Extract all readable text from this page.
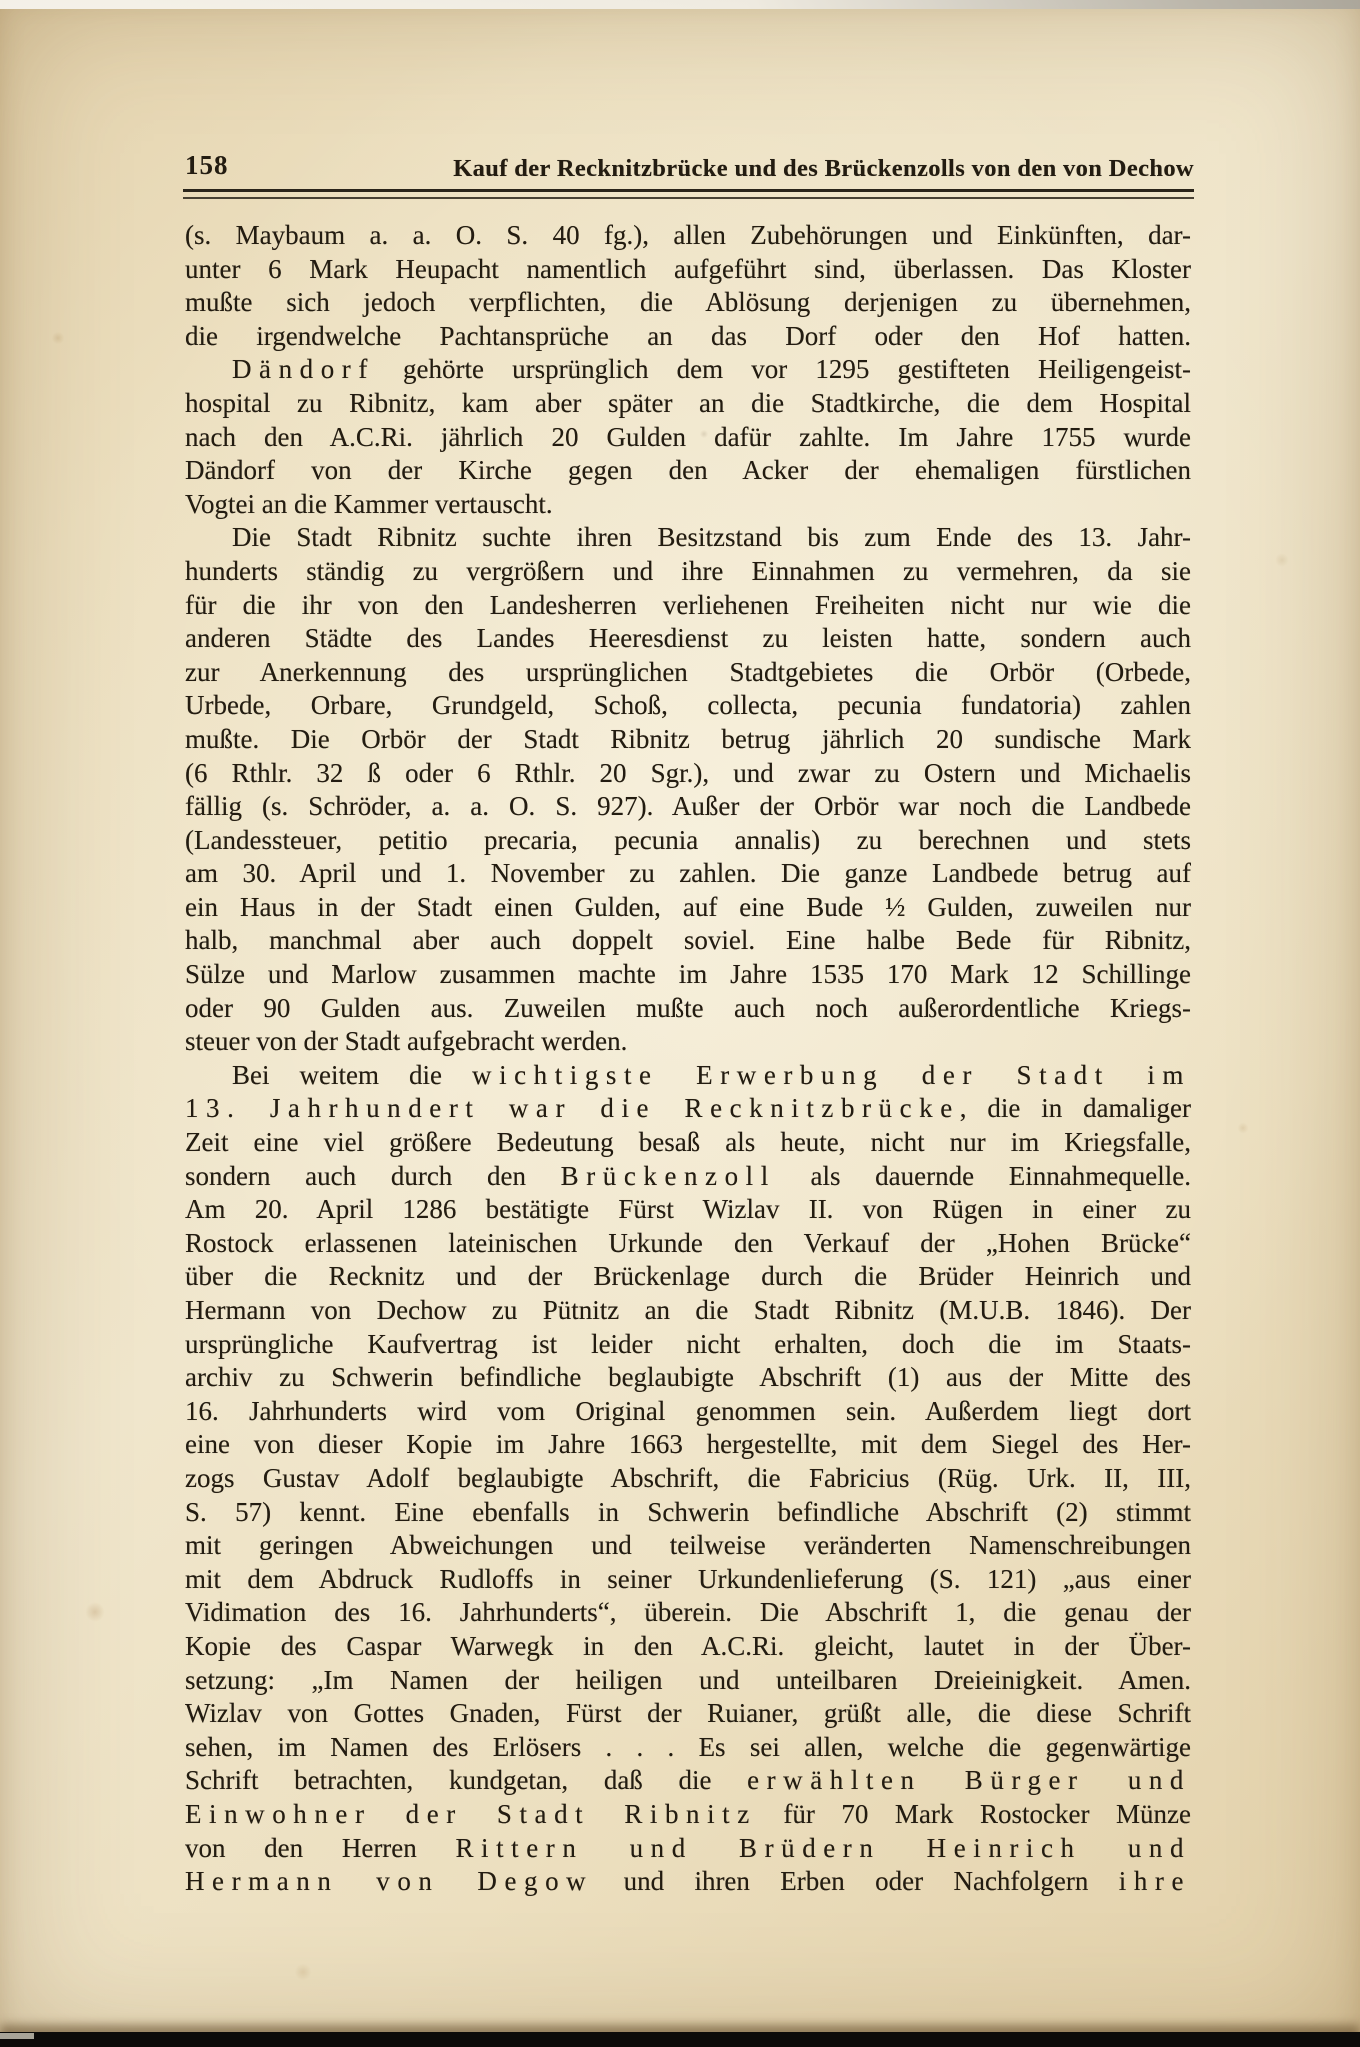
158	Kauf der Recknitzbrücke und des Brückenzolls von den von Dechow
(s. Maybaum a. a. O. S. 40 fg.), allen Zubehörungen und Einkünften, dar-
unter 6 Mark Heupacht namentlich aufgeführt sind, überlassen. Das Kloster
mußte sich jedoch verpflichten, die Ablösung derjenigen zu übernehmen,
die irgendwelche Pachtansprüche an das Dorf oder den Hof hatten.
Dändorf gehörte ursprünglich dem vor 1295 gestifteten Heiligengeist-
hospital zu Ribnitz, kam aber später an die Stadtkirche, die dem Hospital
nach den A.C.Ri. jährlich 20 Gulden dafür zahlte. Im Jahre 1755 wurde
Dändorf von der Kirche gegen den Acker der ehemaligen fürstlichen
Vogtei an die Kammer vertauscht.
Die Stadt Ribnitz suchte ihren Besitzstand bis zum Ende des 13. Jahr-
hunderts ständig zu vergrößern und ihre Einnahmen zu vermehren, da sie
für die ihr von den Landesherren verliehenen Freiheiten nicht nur wie die
anderen Städte des Landes Heeresdienst zu leisten hatte, sondern auch
zur Anerkennung des ursprünglichen Stadtgebietes die Orbör (Orbede,
Urbede, Orbare, Grundgeld, Schoß, collecta, pecunia fundatoria) zahlen
mußte. Die Orbör der Stadt Ribnitz betrug jährlich 20 sundische Mark
(6 Rthlr. 32 ß oder 6 Rthlr. 20 Sgr.), und zwar zu Ostern und Michaelis
fällig (s. Schröder, a. a. O. S. 927). Außer der Orbör war noch die Landbede
(Landessteuer, petitio precaria, pecunia annalis) zu berechnen und stets
am 30. April und 1. November zu zahlen. Die ganze Landbede betrug auf
ein Haus in der Stadt einen Gulden, auf eine Bude ½ Gulden, zuweilen nur
halb, manchmal aber auch doppelt soviel. Eine halbe Bede für Ribnitz,
Sülze und Marlow zusammen machte im Jahre 1535 170 Mark 12 Schillinge
oder 90 Gulden aus. Zuweilen mußte auch noch außerordentliche Kriegs-
steuer von der Stadt aufgebracht werden.
Bei weitem die wichtigste Erwerbung der Stadt im
13. Jahrhundert war die Recknitzbrücke, die in damaliger
Zeit eine viel größere Bedeutung besaß als heute, nicht nur im Kriegsfalle,
sondern auch durch den Brückenzoll als dauernde Einnahmequelle.
Am 20. April 1286 bestätigte Fürst Wizlav II. von Rügen in einer zu
Rostock erlassenen lateinischen Urkunde den Verkauf der „Hohen Brücke“
über die Recknitz und der Brückenlage durch die Brüder Heinrich und
Hermann von Dechow zu Pütnitz an die Stadt Ribnitz (M.U.B. 1846). Der
ursprüngliche Kaufvertrag ist leider nicht erhalten, doch die im Staats-
archiv zu Schwerin befindliche beglaubigte Abschrift (1) aus der Mitte des
16. Jahrhunderts wird vom Original genommen sein. Außerdem liegt dort
eine von dieser Kopie im Jahre 1663 hergestellte, mit dem Siegel des Her-
zogs Gustav Adolf beglaubigte Abschrift, die Fabricius (Rüg. Urk. II, III,
S. 57) kennt. Eine ebenfalls in Schwerin befindliche Abschrift (2) stimmt
mit geringen Abweichungen und teilweise veränderten Namenschreibungen
mit dem Abdruck Rudloffs in seiner Urkundenlieferung (S. 121) „aus einer
Vidimation des 16. Jahrhunderts“, überein. Die Abschrift 1, die genau der
Kopie des Caspar Warwegk in den A.C.Ri. gleicht, lautet in der Über-
setzung: „Im Namen der heiligen und unteilbaren Dreieinigkeit. Amen.
Wizlav von Gottes Gnaden, Fürst der Ruianer, grüßt alle, die diese Schrift
sehen, im Namen des Erlösers . . . Es sei allen, welche die gegenwärtige
Schrift betrachten, kundgetan, daß die erwählten Bürger und
Einwohner der Stadt Ribnitz für 70 Mark Rostocker Münze
von den Herren Rittern und Brüdern Heinrich und
Hermann von Degow und ihren Erben oder Nachfolgern ihre
